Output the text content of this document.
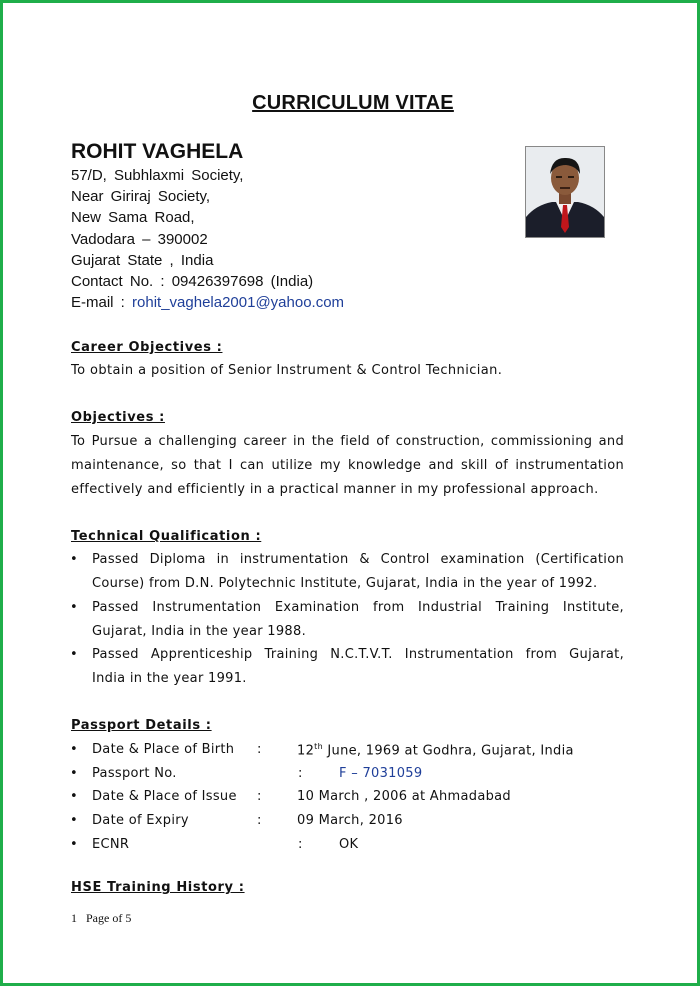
CURRICULUM VITAE
ROHIT VAGHELA
57/D, Subhlaxmi Society,
Near Giriraj Society,
New Sama Road,
Vadodara – 390002
Gujarat State , India
Contact No. : 09426397698 (India)
E-mail : rohit_vaghela2001@yahoo.com
Career Objectives :
To obtain a position of Senior Instrument & Control Technician.
Objectives :
To Pursue a challenging career in the field of construction, commissioning and
maintenance, so that I can utilize my knowledge and skill of instrumentation
effectively and efficiently in a practical manner in my professional approach.
Technical Qualification :
• Passed Diploma in instrumentation & Control examination (Certification
Course) from D.N. Polytechnic Institute, Gujarat, India in the year of 1992.
• Passed Instrumentation Examination from Industrial Training Institute,
Gujarat, India in the year 1988.
• Passed Apprenticeship Training N.C.T.V.T. Instrumentation from Gujarat,
India in the year 1991.
Passport Details :
• Date & Place of Birth :	12th June, 1969 at Godhra, Gujarat, India
• Passport No.	:	F – 7031059
• Date & Place of Issue :	10 March , 2006 at Ahmadabad
• Date of Expiry	:	09 March, 2016
• ECNR	:	OK
HSE Training History :
1 Page of 5
